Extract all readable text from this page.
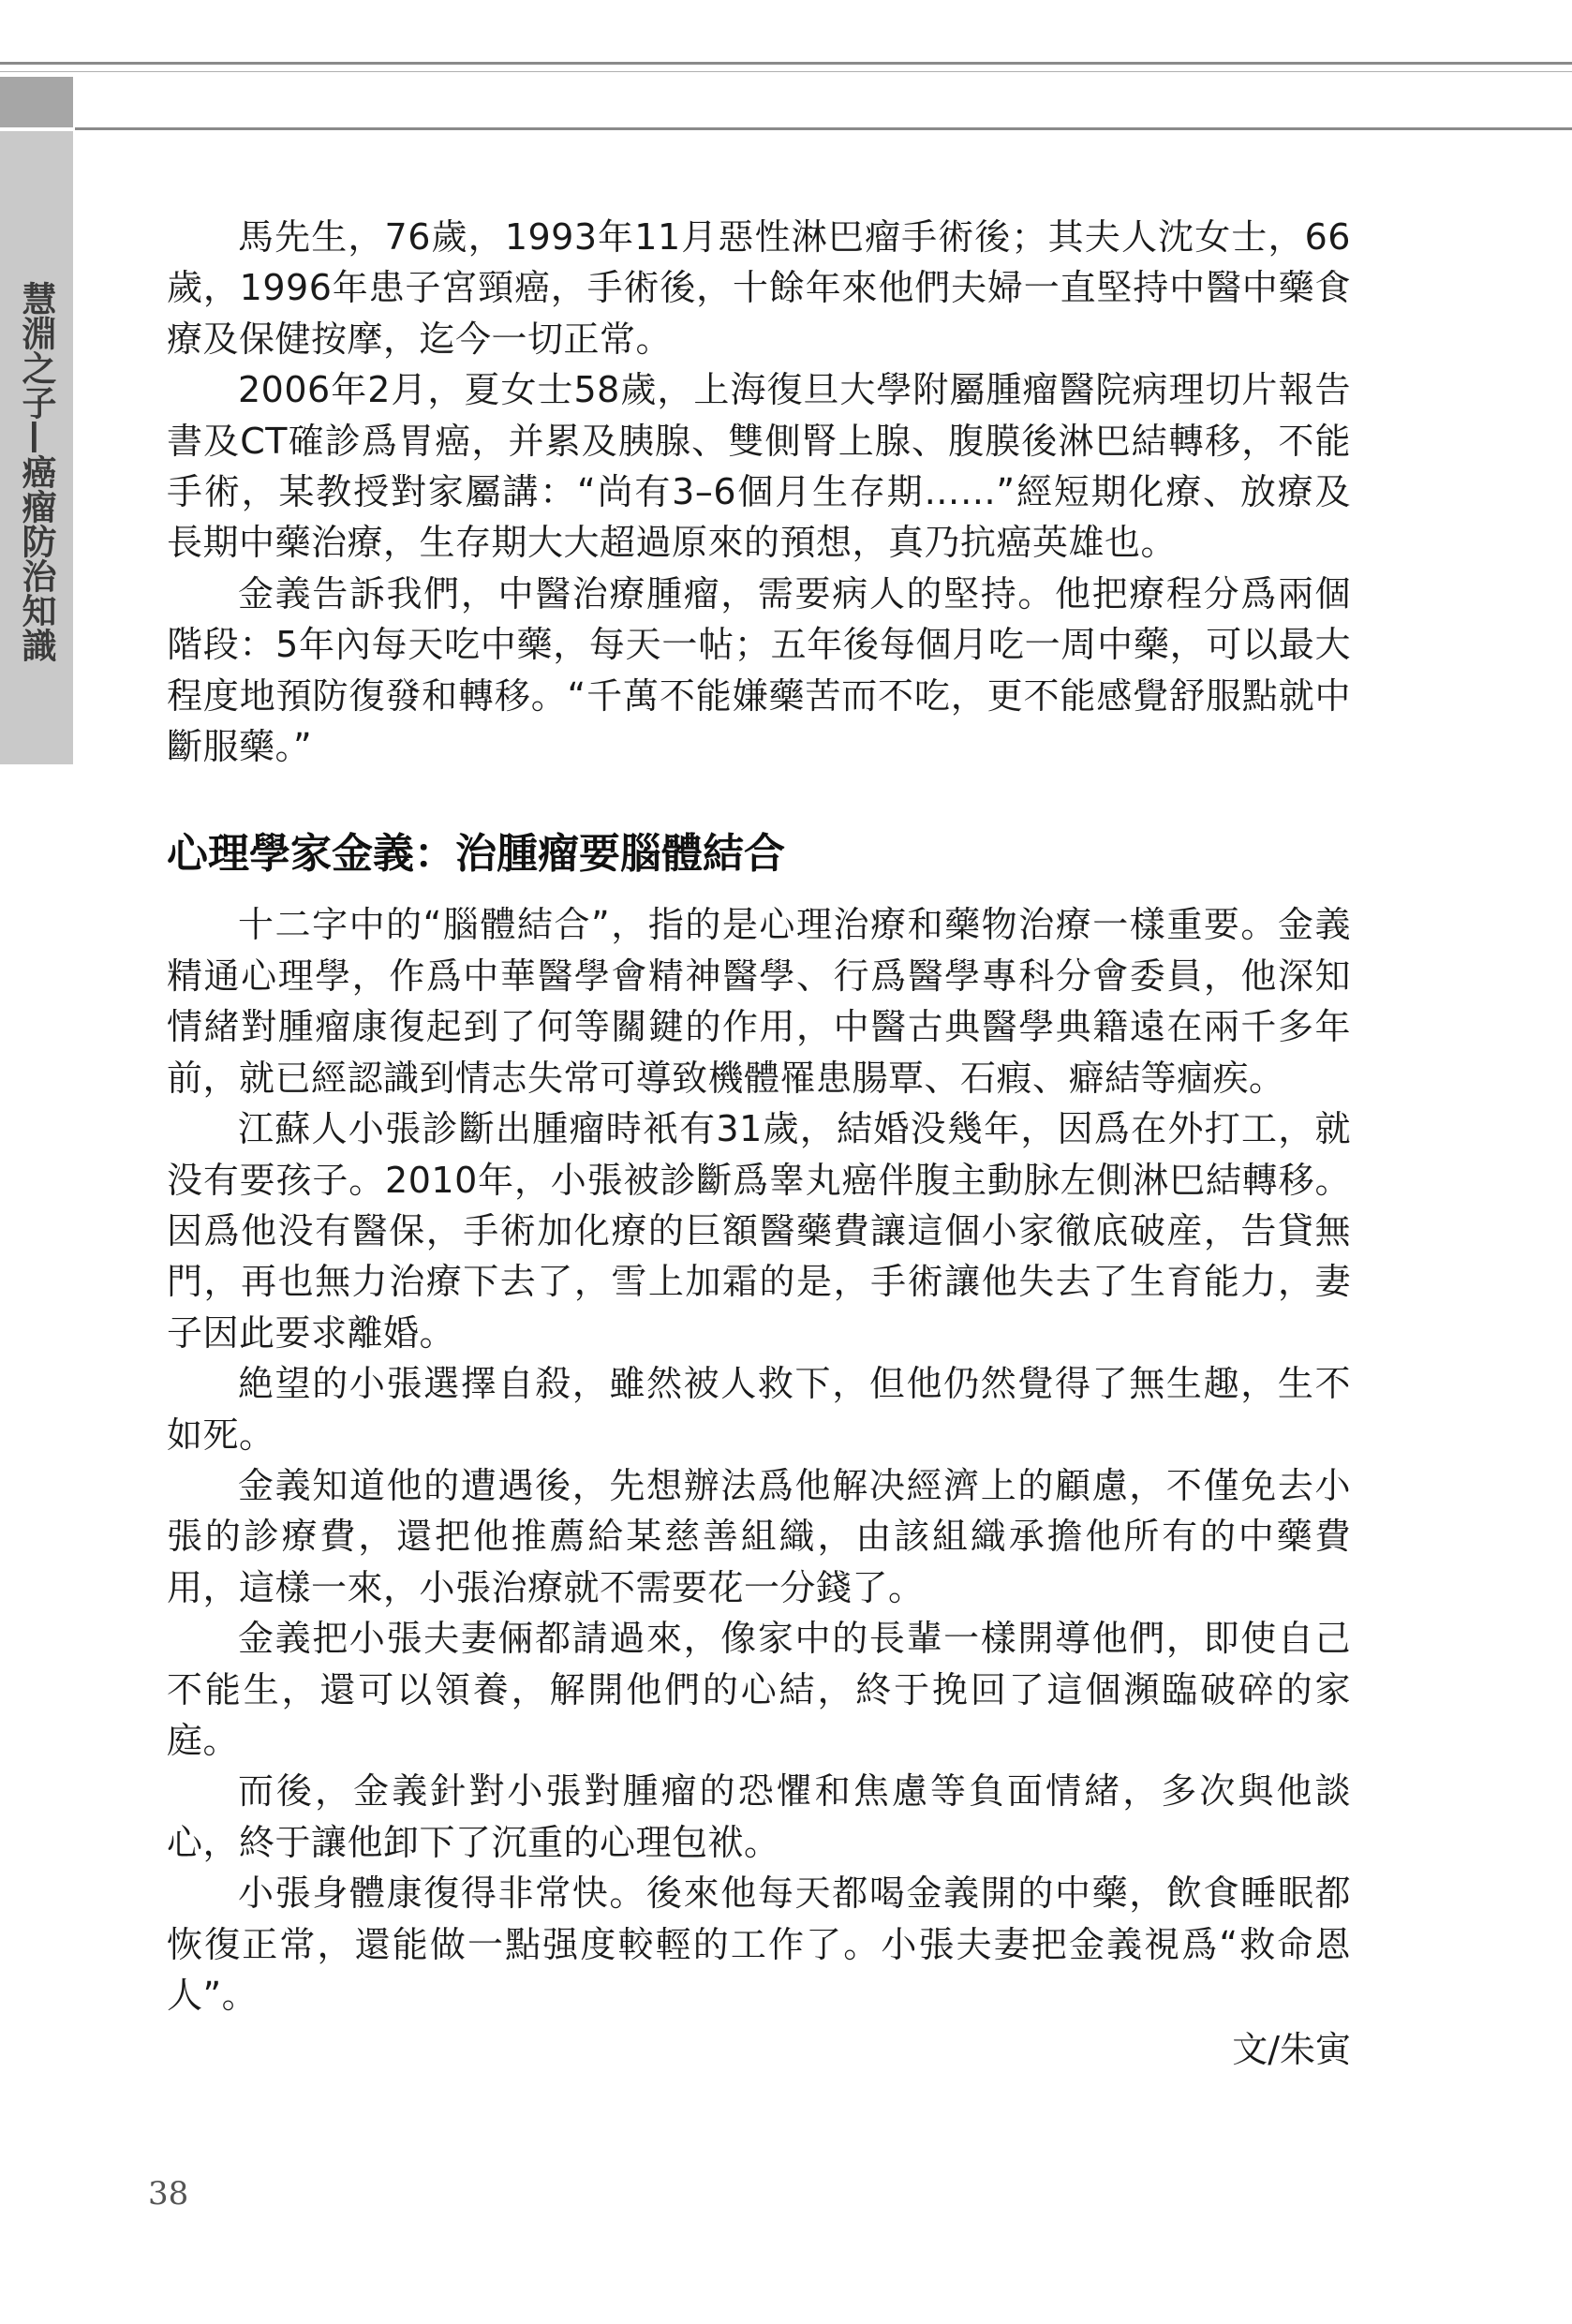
慧淵之子—癌瘤防治知識

馬先生，76歲，1993年11月惡性淋巴瘤手術後；其夫人沈女士，66歲，1996年患子宮頸癌，手術後，十餘年來他們夫婦一直堅持中醫中藥食療及保健按摩，迄今一切正常。

2006年2月，夏女士58歲，上海復旦大學附屬腫瘤醫院病理切片報告書及CT確診爲胃癌，并累及胰腺、雙側腎上腺、腹膜後淋巴結轉移，不能手術，某教授對家屬講：“尚有3–6個月生存期……”經短期化療、放療及長期中藥治療，生存期大大超過原來的預想，真乃抗癌英雄也。

金義告訴我們，中醫治療腫瘤，需要病人的堅持。他把療程分爲兩個階段：5年內每天吃中藥，每天一帖；五年後每個月吃一周中藥，可以最大程度地預防復發和轉移。“千萬不能嫌藥苦而不吃，更不能感覺舒服點就中斷服藥。”

心理學家金義：治腫瘤要腦體結合

十二字中的“腦體結合”，指的是心理治療和藥物治療一樣重要。金義精通心理學，作爲中華醫學會精神醫學、行爲醫學專科分會委員，他深知情緒對腫瘤康復起到了何等關鍵的作用，中醫古典醫學典籍遠在兩千多年前，就已經認識到情志失常可導致機體罹患腸覃、石瘕、癖結等痼疾。

江蘇人小張診斷出腫瘤時衹有31歲，結婚没幾年，因爲在外打工，就没有要孩子。2010年，小張被診斷爲睾丸癌伴腹主動脉左側淋巴結轉移。因爲他没有醫保，手術加化療的巨額醫藥費讓這個小家徹底破産，告貸無門，再也無力治療下去了，雪上加霜的是，手術讓他失去了生育能力，妻子因此要求離婚。

絶望的小張選擇自殺，雖然被人救下，但他仍然覺得了無生趣，生不如死。

金義知道他的遭遇後，先想辦法爲他解决經濟上的顧慮，不僅免去小張的診療費，還把他推薦給某慈善組織，由該組織承擔他所有的中藥費用，這樣一來，小張治療就不需要花一分錢了。

金義把小張夫妻倆都請過來，像家中的長輩一樣開導他們，即使自己不能生，還可以領養，解開他們的心結，終于挽回了這個瀕臨破碎的家庭。

而後，金義針對小張對腫瘤的恐懼和焦慮等負面情緒，多次與他談心，終于讓他卸下了沉重的心理包袱。

小張身體康復得非常快。後來他每天都喝金義開的中藥，飲食睡眠都恢復正常，還能做一點强度較輕的工作了。小張夫妻把金義視爲“救命恩人”。

文/朱寅

38
